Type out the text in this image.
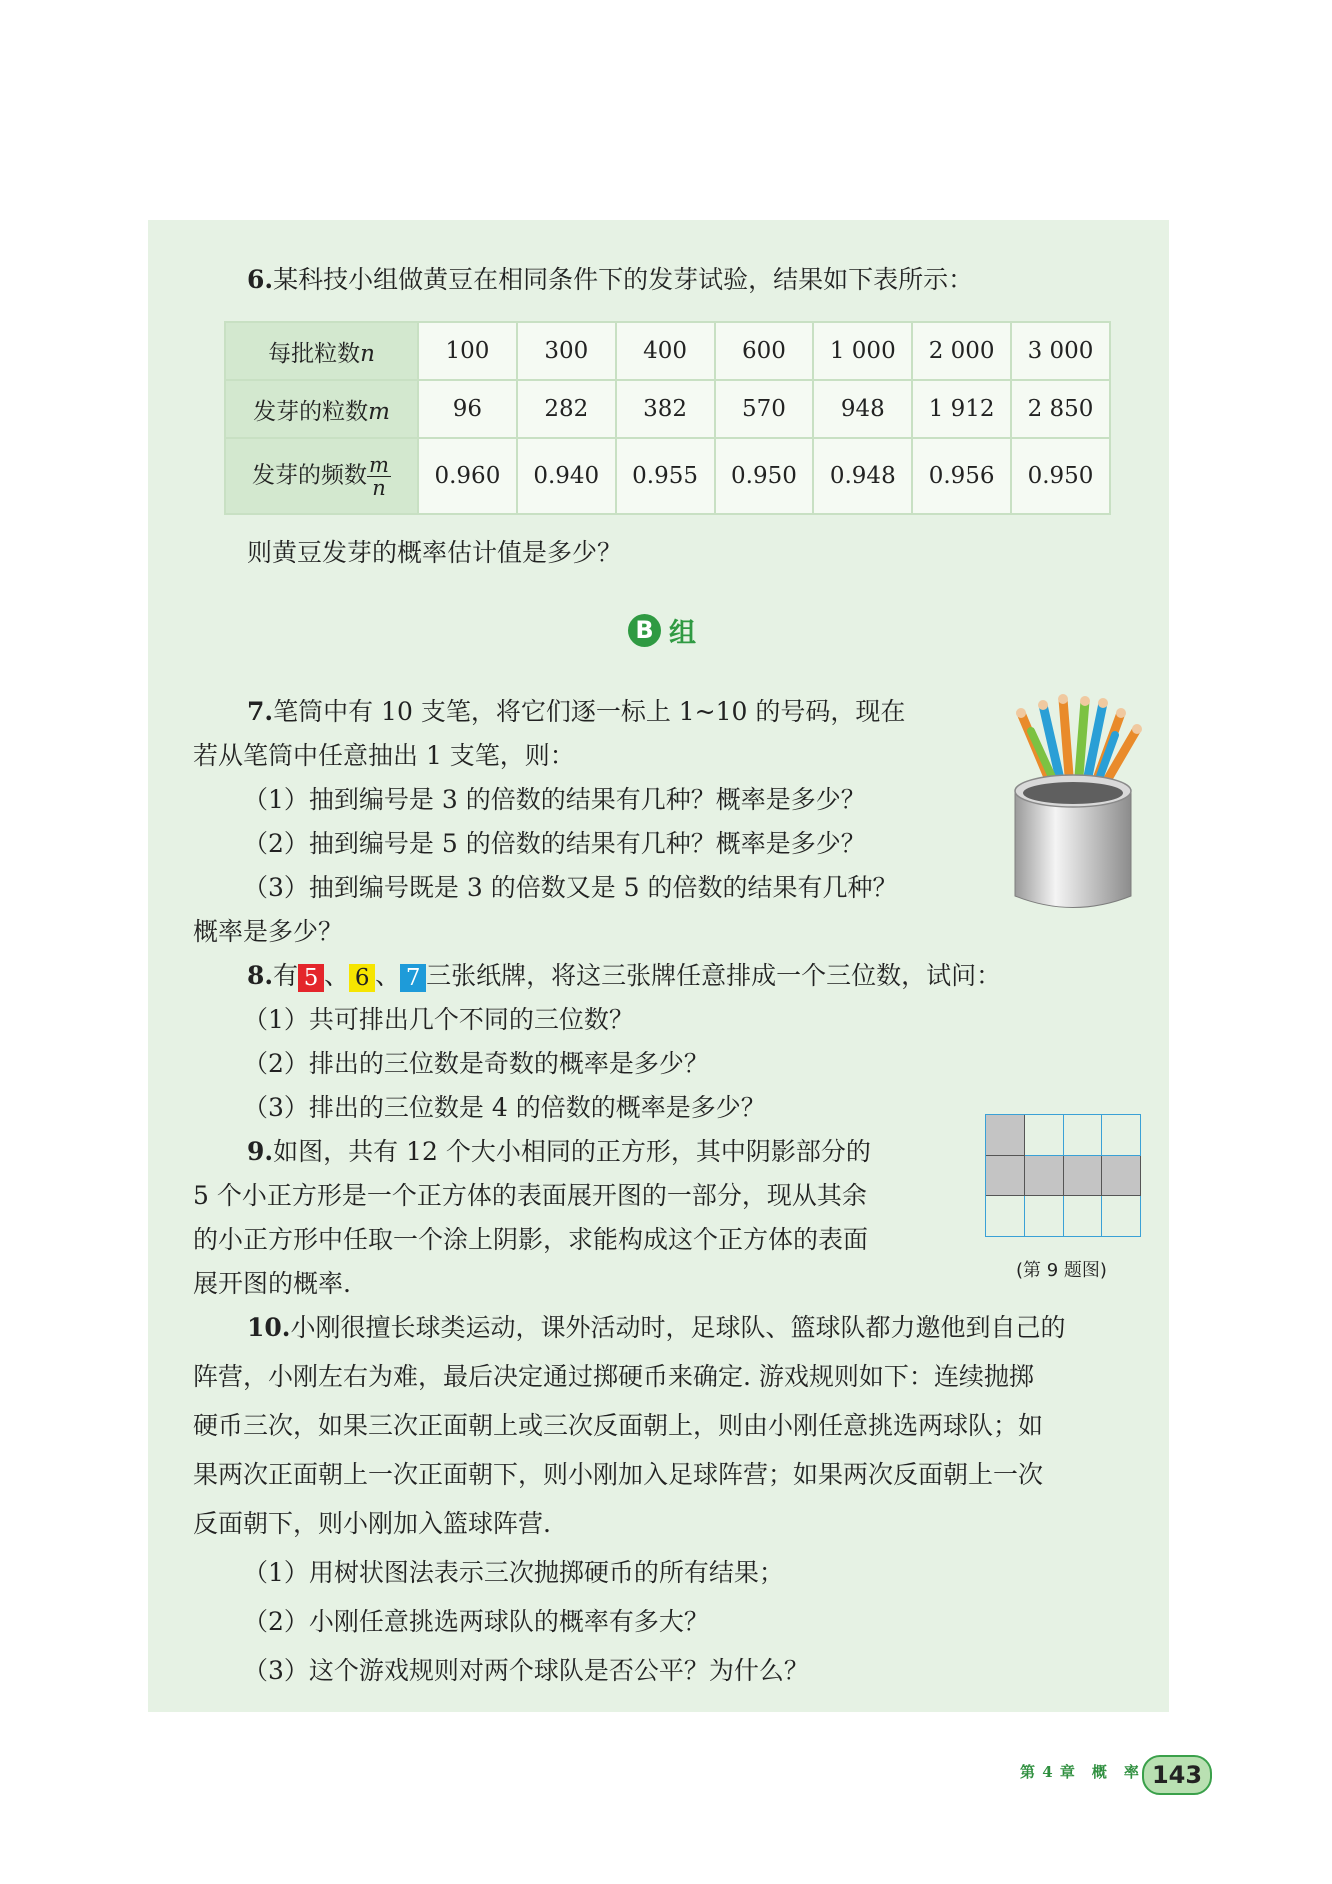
6.某科技小组做黄豆在相同条件下的发芽试验，结果如下表所示：
每批粒数n	100	300	400	600	1 000	2 000	3 000
发芽的粒数m	96	282	382	570	948	1 912	2 850
发芽的频数 $\frac{m}{n}$	0.960	0.940	0.955	0.950	0.948	0.956	0.950
则黄豆发芽的概率估计值是多少？
B 组
7.笔筒中有 10 支笔，将它们逐一标上 1~10 的号码，现在
若从笔筒中任意抽出 1 支笔，则：
（1）抽到编号是 3 的倍数的结果有几种？概率是多少？
（2）抽到编号是 5 的倍数的结果有几种？概率是多少？
（3）抽到编号既是 3 的倍数又是 5 的倍数的结果有几种？
概率是多少？
8.有 5 、 6 、 7 三张纸牌，将这三张牌任意排成一个三位数，试问：
（1）共可排出几个不同的三位数？
（2）排出的三位数是奇数的概率是多少？
（3）排出的三位数是 4 的倍数的概率是多少？
9.如图，共有 12 个大小相同的正方形，其中阴影部分的
5 个小正方形是一个正方体的表面展开图的一部分，现从其余
的小正方形中任取一个涂上阴影，求能构成这个正方体的表面
展开图的概率.	(第 9 题图)
10.小刚很擅长球类运动，课外活动时，足球队、篮球队都力邀他到自己的
阵营，小刚左右为难，最后决定通过掷硬币来确定. 游戏规则如下：连续抛掷
硬币三次，如果三次正面朝上或三次反面朝上，则由小刚任意挑选两球队；如
果两次正面朝上一次正面朝下，则小刚加入足球阵营；如果两次反面朝上一次
反面朝下，则小刚加入篮球阵营.
（1）用树状图法表示三次抛掷硬币的所有结果；
（2）小刚任意挑选两球队的概率有多大？
（3）这个游戏规则对两个球队是否公平？为什么？
第 4 章　概　率 143
